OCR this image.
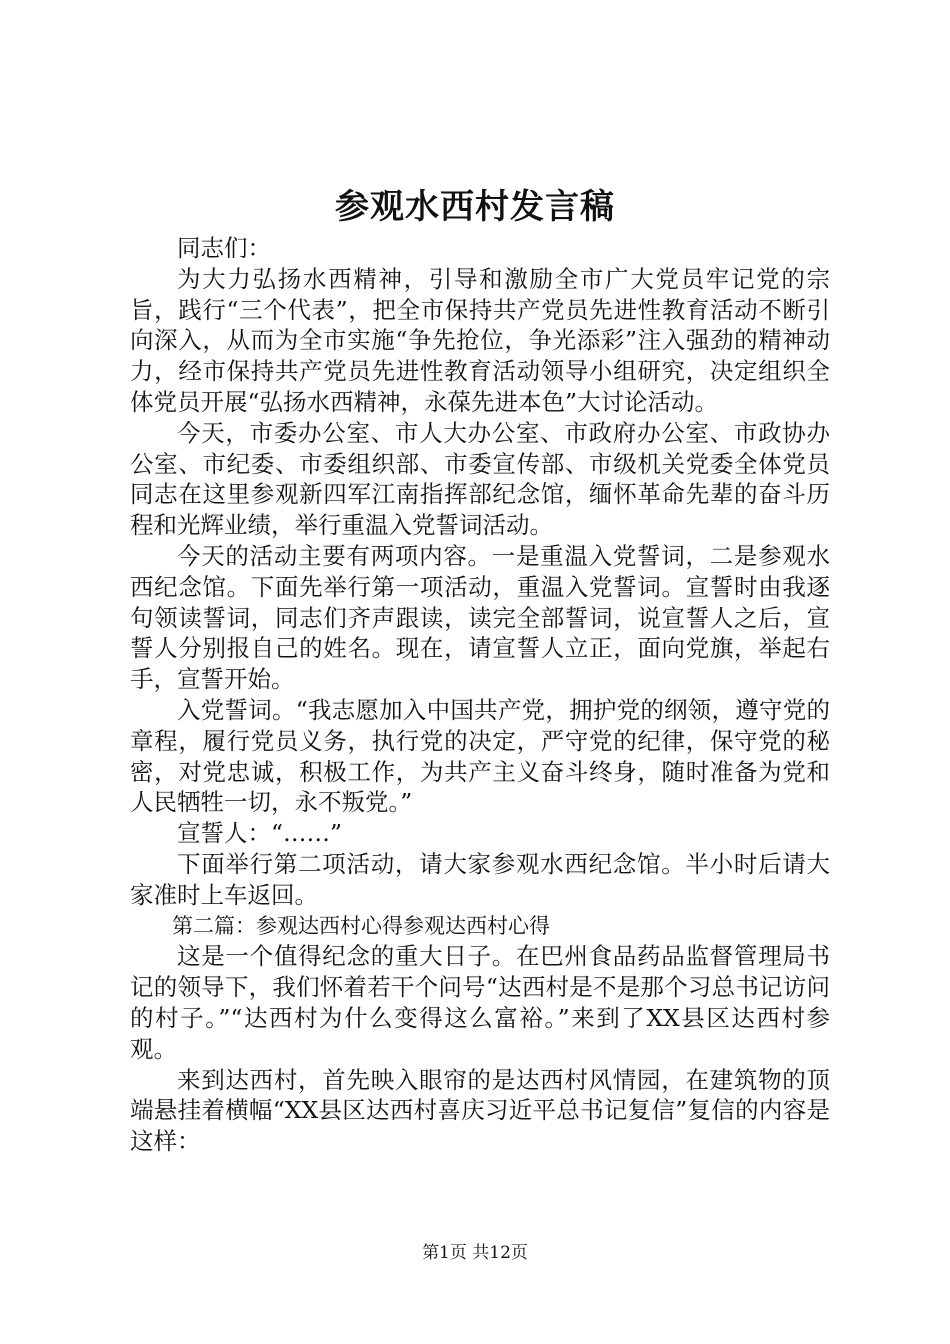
参观水西村发言稿

同志们：

为大力弘扬水西精神，引导和激励全市广大党员牢记党的宗旨，践行“三个代表”，把全市保持共产党员先进性教育活动不断引向深入，从而为全市实施“争先抢位，争光添彩”注入强劲的精神动力，经市保持共产党员先进性教育活动领导小组研究，决定组织全体党员开展“弘扬水西精神，永葆先进本色”大讨论活动。

今天，市委办公室、市人大办公室、市政府办公室、市政协办公室、市纪委、市委组织部、市委宣传部、市级机关党委全体党员同志在这里参观新四军江南指挥部纪念馆，缅怀革命先辈的奋斗历程和光辉业绩，举行重温入党誓词活动。

今天的活动主要有两项内容。一是重温入党誓词，二是参观水西纪念馆。下面先举行第一项活动，重温入党誓词。宣誓时由我逐句领读誓词，同志们齐声跟读，读完全部誓词，说宣誓人之后，宣誓人分别报自己的姓名。现在，请宣誓人立正，面向党旗，举起右手，宣誓开始。

入党誓词。“我志愿加入中国共产党，拥护党的纲领，遵守党的章程，履行党员义务，执行党的决定，严守党的纪律，保守党的秘密，对党忠诚，积极工作，为共产主义奋斗终身，随时准备为党和人民牺牲一切，永不叛党。”

宣誓人：“……”

下面举行第二项活动，请大家参观水西纪念馆。半小时后请大家准时上车返回。

第二篇：参观达西村心得参观达西村心得

这是一个值得纪念的重大日子。在巴州食品药品监督管理局书记的领导下，我们怀着若干个问号“达西村是不是那个习总书记访问的村子。”“达西村为什么变得这么富裕。”来到了XX县区达西村参观。

来到达西村，首先映入眼帘的是达西村风情园，在建筑物的顶端悬挂着横幅“XX县区达西村喜庆习近平总书记复信”复信的内容是这样：

第1页 共12页
